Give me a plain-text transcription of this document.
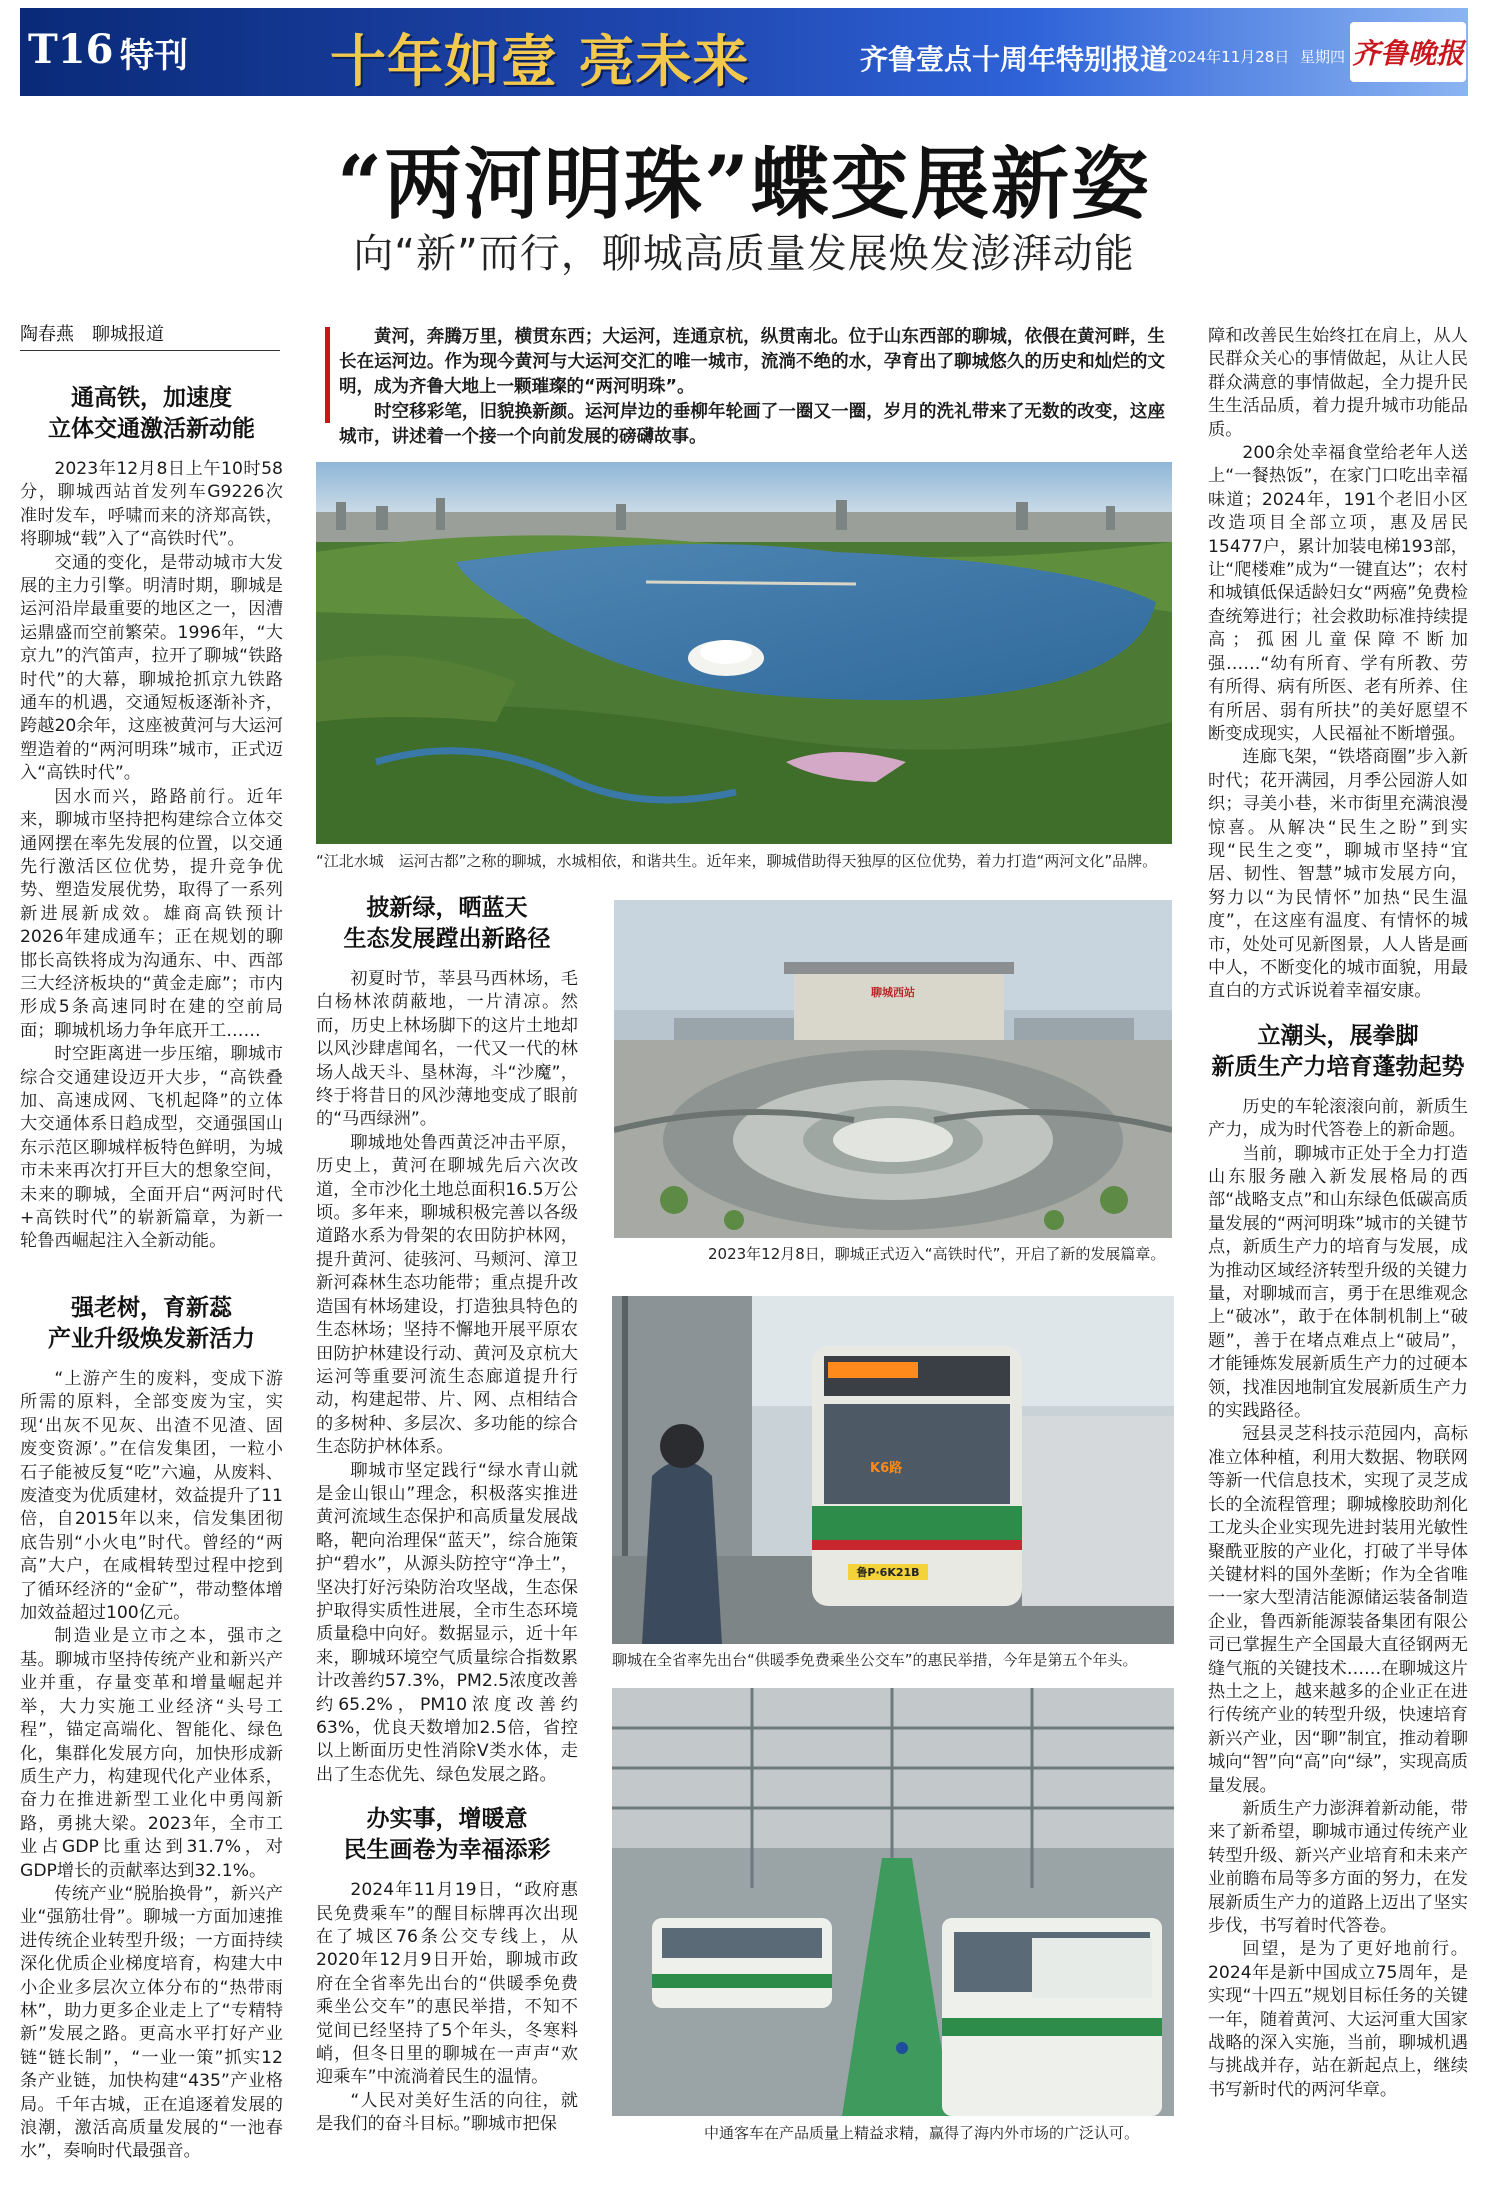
T16 特刊	十年如壹 亮未来	齐鲁壹点十周年特别报道 2024年11月28日 星期四 齐鲁晚报
“两河明珠”蝶变展新姿
向“新”而行，聊城高质量发展焕发澎湃动能
陶春燕　聊城报道

通高铁，加速度

立体交通激活新动能

2023年12月8日上午10时58分，聊城西站首发列车G9226次准时发车，呼啸而来的济郑高铁，将聊城“载”入了“高铁时代”。

交通的变化，是带动城市大发展的主力引擎。明清时期，聊城是运河沿岸最重要的地区之一，因漕运鼎盛而空前繁荣。1996年，“大京九”的汽笛声，拉开了聊城“铁路时代”的大幕，聊城抢抓京九铁路通车的机遇，交通短板逐渐补齐，跨越20余年，这座被黄河与大运河塑造着的“两河明珠”城市，正式迈入“高铁时代”。

因水而兴，路路前行。近年来，聊城市坚持把构建综合立体交通网摆在率先发展的位置，以交通先行激活区位优势，提升竞争优势、塑造发展优势，取得了一系列新进展新成效。雄商高铁预计2026年建成通车；正在规划的聊邯长高铁将成为沟通东、中、西部三大经济板块的“黄金走廊”；市内形成5条高速同时在建的空前局面；聊城机场力争年底开工……

时空距离进一步压缩，聊城市综合交通建设迈开大步，“高铁叠加、高速成网、飞机起降”的立体大交通体系日趋成型，交通强国山东示范区聊城样板特色鲜明，为城市未来再次打开巨大的想象空间，未来的聊城，全面开启“两河时代+高铁时代”的崭新篇章，为新一轮鲁西崛起注入全新动能。

强老树，育新蕊

产业升级焕发新活力

“上游产生的废料，变成下游所需的原料，全部变废为宝，实现‘出灰不见灰、出渣不见渣、固废变资源’。”在信发集团，一粒小石子能被反复“吃”六遍，从废料、废渣变为优质建材，效益提升了11倍，自2015年以来，信发集团彻底告别“小火电”时代。曾经的“两高”大户，在咸楫转型过程中挖到了循环经济的“金矿”，带动整体增加效益超过100亿元。

制造业是立市之本，强市之基。聊城市坚持传统产业和新兴产业并重，存量变革和增量崛起并举，大力实施工业经济“头号工程”，锚定高端化、智能化、绿色化，集群化发展方向，加快形成新质生产力，构建现代化产业体系，奋力在推进新型工业化中勇闯新路，勇挑大梁。2023年，全市工业占GDP比重达到31.7%，对GDP增长的贡献率达到32.1%。

传统产业“脱胎换骨”，新兴产业“强筋壮骨”。聊城一方面加速推进传统企业转型升级；一方面持续深化优质企业梯度培育，构建大中小企业多层次立体分布的“热带雨林”，助力更多企业走上了“专精特新”发展之路。更高水平打好产业链“链长制”，“一业一策”抓实12条产业链，加快构建“435”产业格局。千年古城，正在追逐着发展的浪潮，激活高质量发展的“一池春水”，奏响时代最强音。

黄河，奔腾万里，横贯东西；大运河，连通京杭，纵贯南北。位于山东西部的聊城，依偎在黄河畔，生长在运河边。作为现今黄河与大运河交汇的唯一城市，流淌不绝的水，孕育出了聊城悠久的历史和灿烂的文明，成为齐鲁大地上一颗璀璨的“两河明珠”。

时空移彩笔，旧貌换新颜。运河岸边的垂柳年轮画了一圈又一圈，岁月的洗礼带来了无数的改变，这座城市，讲述着一个接一个向前发展的磅礴故事。

“江北水城　运河古都”之称的聊城，水城相依，和谐共生。近年来，聊城借助得天独厚的区位优势，着力打造“两河文化”品牌。

披新绿，晒蓝天

生态发展蹚出新路径

初夏时节，莘县马西林场，毛白杨林浓荫蔽地，一片清凉。然而，历史上林场脚下的这片土地却以风沙肆虐闻名，一代又一代的林场人战天斗、垦林海，斗“沙魔”，终于将昔日的风沙薄地变成了眼前的“马西绿洲”。

聊城地处鲁西黄泛冲击平原，历史上，黄河在聊城先后六次改道，全市沙化土地总面积16.5万公顷。多年来，聊城积极完善以各级道路水系为骨架的农田防护林网，提升黄河、徒骇河、马颊河、漳卫新河森林生态功能带；重点提升改造国有林场建设，打造独具特色的生态林场；坚持不懈地开展平原农田防护林建设行动、黄河及京杭大运河等重要河流生态廊道提升行动，构建起带、片、网、点相结合的多树种、多层次、多功能的综合生态防护林体系。

聊城市坚定践行“绿水青山就是金山银山”理念，积极落实推进黄河流域生态保护和高质量发展战略，靶向治理保“蓝天”，综合施策护“碧水”，从源头防控守“净土”，坚决打好污染防治攻坚战，生态保护取得实质性进展，全市生态环境质量稳中向好。数据显示，近十年来，聊城环境空气质量综合指数累计改善约57.3%，PM2.5浓度改善约65.2%，PM10浓度改善约63%，优良天数增加2.5倍，省控以上断面历史性消除V类水体，走出了生态优先、绿色发展之路。

办实事，增暖意

民生画卷为幸福添彩

2024年11月19日，“政府惠民免费乘车”的醒目标牌再次出现在了城区76条公交专线上，从2020年12月9日开始，聊城市政府在全省率先出台的“供暖季免费乘坐公交车”的惠民举措，不知不觉间已经坚持了5个年头，冬寒料峭，但冬日里的聊城在一声声“欢迎乘车”中流淌着民生的温情。

“人民对美好生活的向往，就是我们的奋斗目标。”聊城市把保

聊城西站
2023年12月8日，聊城正式迈入“高铁时代”，开启了新的发展篇章。
K6路
鲁P·6K21B
聊城在全省率先出台“供暖季免费乘坐公交车”的惠民举措，今年是第五个年头。
中通客车在产品质量上精益求精，赢得了海内外市场的广泛认可。

障和改善民生始终扛在肩上，从人民群众关心的事情做起，从让人民群众满意的事情做起，全力提升民生生活品质，着力提升城市功能品质。

200余处幸福食堂给老年人送上“一餐热饭”，在家门口吃出幸福味道；2024年，191个老旧小区改造项目全部立项，惠及居民15477户，累计加装电梯193部，让“爬楼难”成为“一键直达”；农村和城镇低保适龄妇女“两癌”免费检查统筹进行；社会救助标准持续提高；孤困儿童保障不断加强……“幼有所育、学有所教、劳有所得、病有所医、老有所养、住有所居、弱有所扶”的美好愿望不断变成现实，人民福祉不断增强。

连廊飞架，“铁塔商圈”步入新时代；花开满园，月季公园游人如织；寻美小巷，米市街里充满浪漫惊喜。从解决“民生之盼”到实现“民生之变”，聊城市坚持“宜居、韧性、智慧”城市发展方向，努力以“为民情怀”加热“民生温度”，在这座有温度、有情怀的城市，处处可见新图景，人人皆是画中人，不断变化的城市面貌，用最直白的方式诉说着幸福安康。

立潮头，展拳脚

新质生产力培育蓬勃起势

历史的车轮滚滚向前，新质生产力，成为时代答卷上的新命题。

当前，聊城市正处于全力打造山东服务融入新发展格局的西部“战略支点”和山东绿色低碳高质量发展的“两河明珠”城市的关键节点，新质生产力的培育与发展，成为推动区域经济转型升级的关键力量，对聊城而言，勇于在思维观念上“破冰”，敢于在体制机制上“破题”，善于在堵点难点上“破局”，才能锤炼发展新质生产力的过硬本领，找准因地制宜发展新质生产力的实践路径。

冠县灵芝科技示范园内，高标准立体种植，利用大数据、物联网等新一代信息技术，实现了灵芝成长的全流程管理；聊城橡胶助剂化工龙头企业实现先进封装用光敏性聚酰亚胺的产业化，打破了半导体关键材料的国外垄断；作为全省唯一一家大型清洁能源储运装备制造企业，鲁西新能源装备集团有限公司已掌握生产全国最大直径钢两无缝气瓶的关键技术……在聊城这片热土之上，越来越多的企业正在进行传统产业的转型升级，快速培育新兴产业，因“聊”制宜，推动着聊城向“智”向“高”向“绿”，实现高质量发展。

新质生产力澎湃着新动能，带来了新希望，聊城市通过传统产业转型升级、新兴产业培育和未来产业前瞻布局等多方面的努力，在发展新质生产力的道路上迈出了坚实步伐，书写着时代答卷。

回望，是为了更好地前行。2024年是新中国成立75周年，是实现“十四五”规划目标任务的关键一年，随着黄河、大运河重大国家战略的深入实施，当前，聊城机遇与挑战并存，站在新起点上，继续书写新时代的两河华章。
